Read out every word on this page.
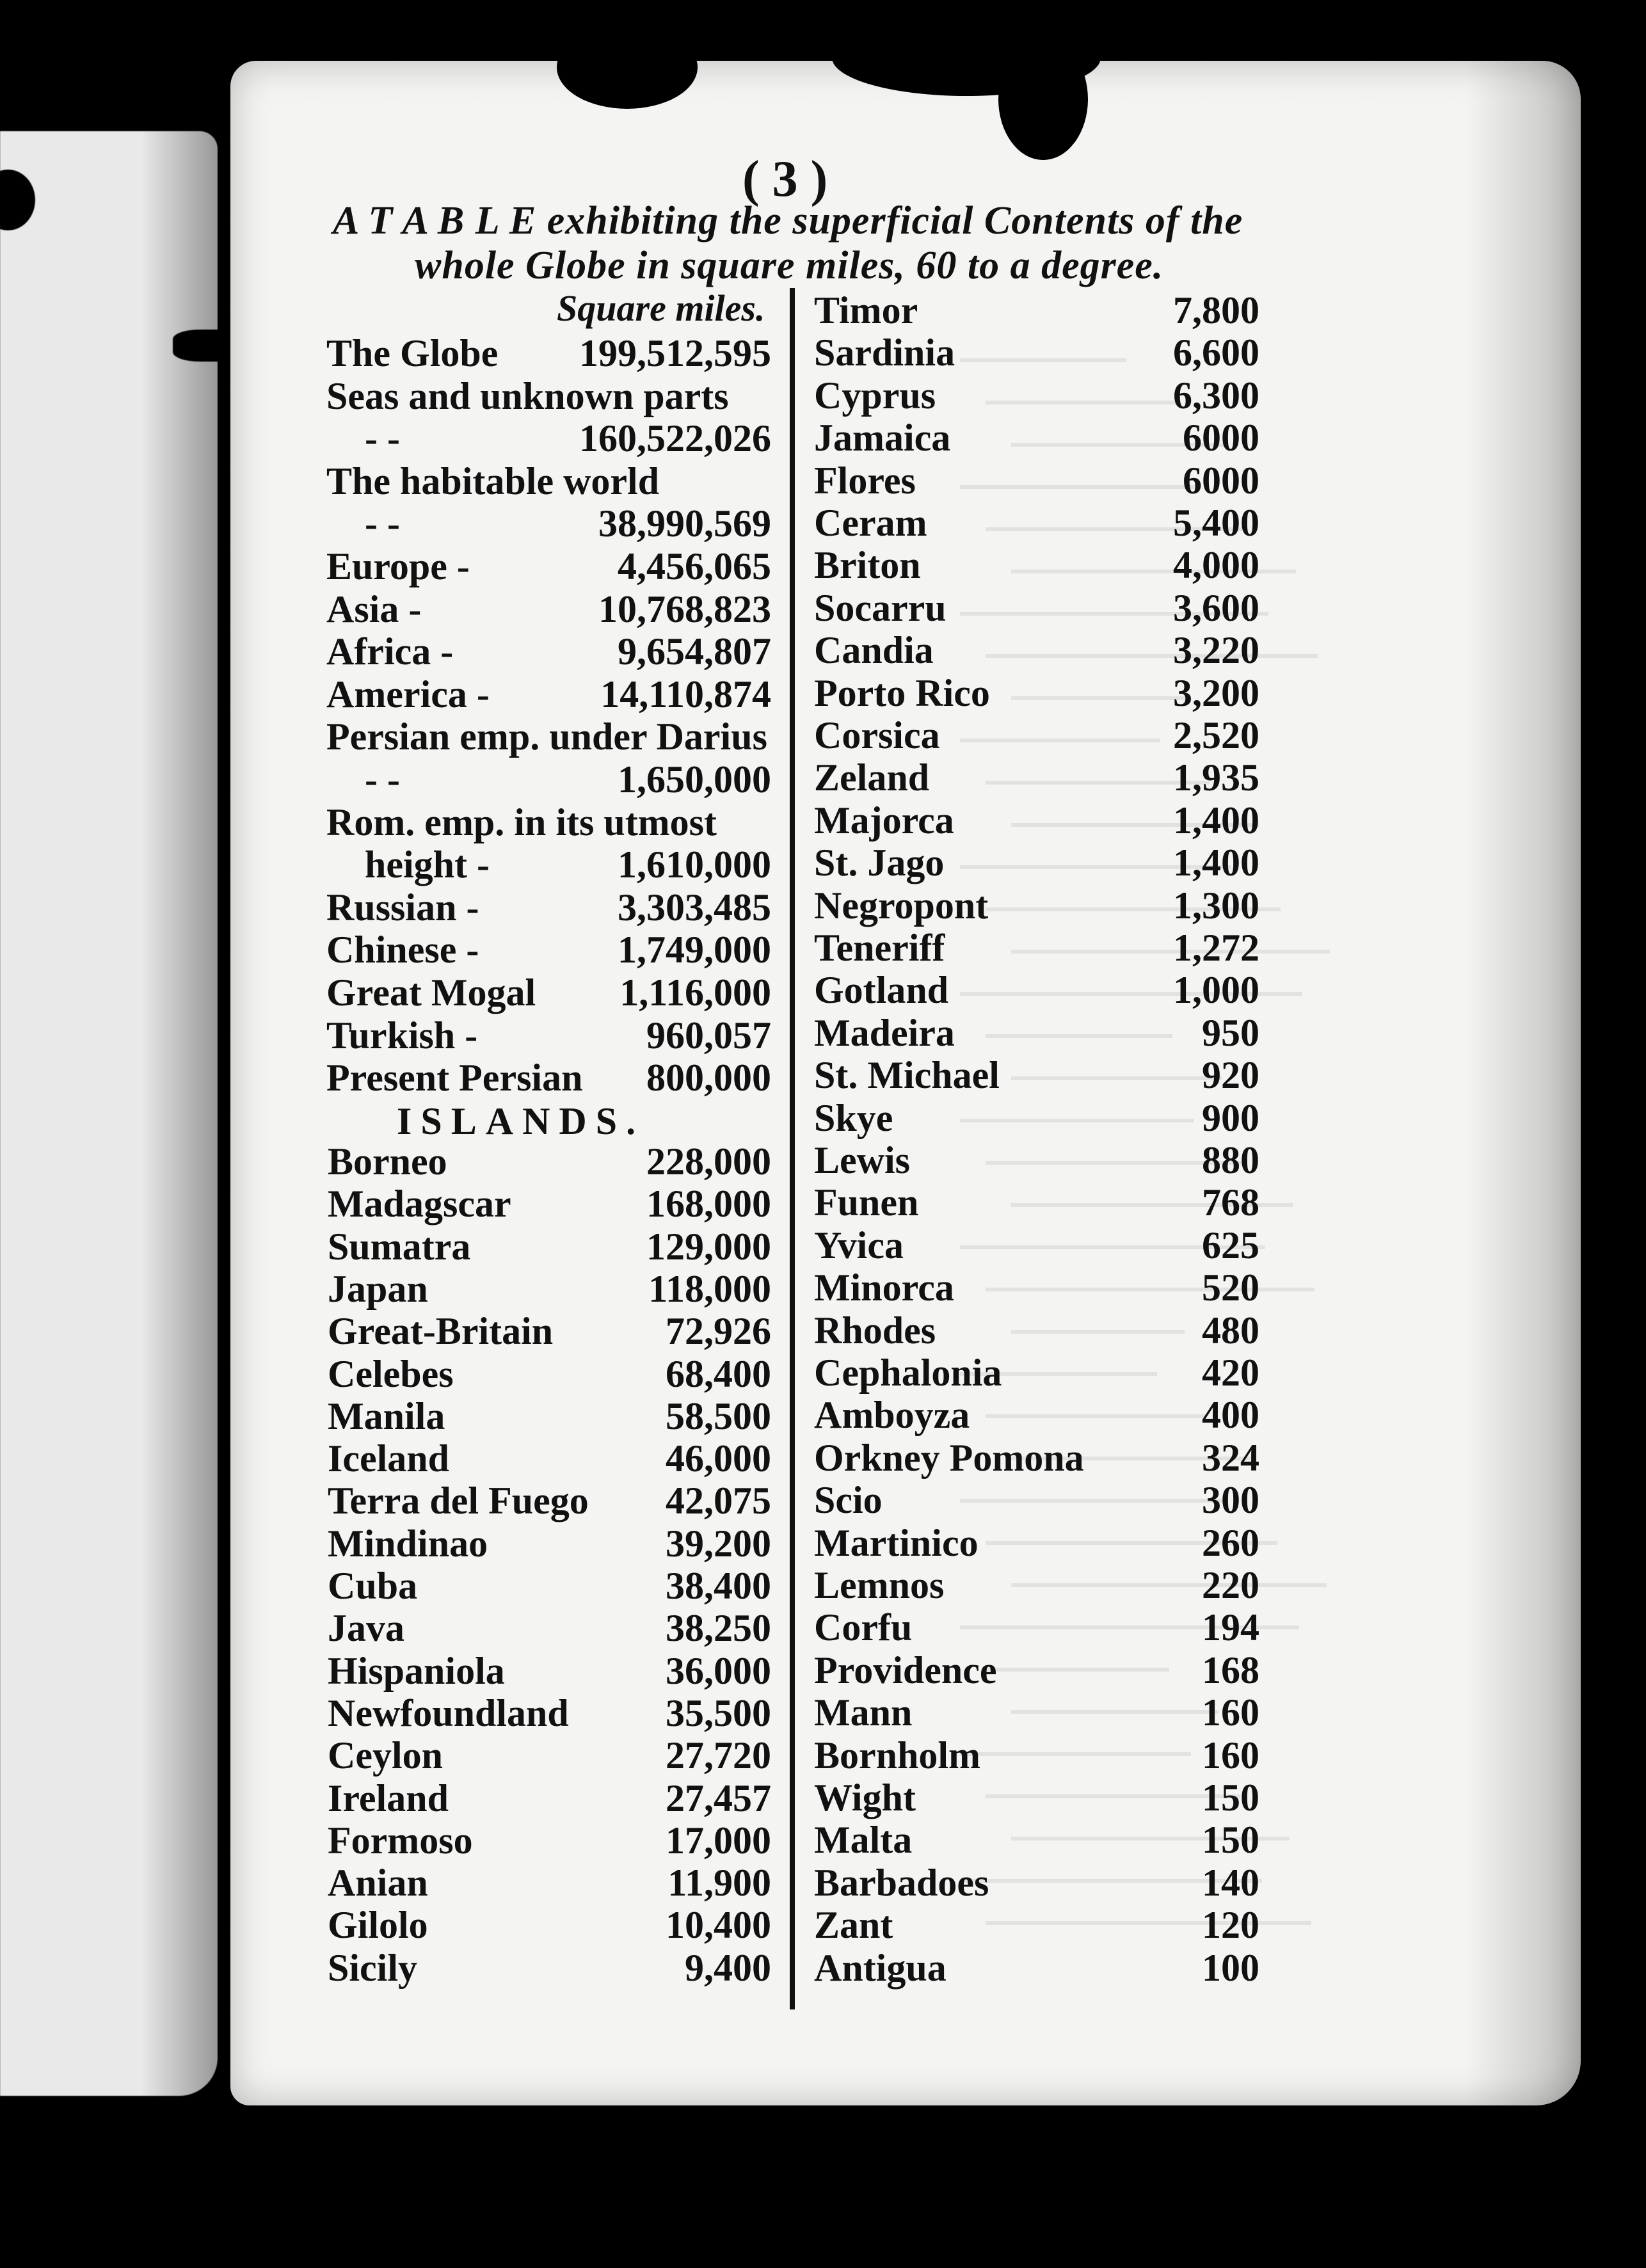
( 3 )
A T A B L E exhibiting the superficial Contents of the
whole Globe in square miles, 60 to a degree.
Square miles.
The Globe	199,512,595
Seas and unknown parts
- -	160,522,026
The habitable world
- -	38,990,569
Europe -	4,456,065
Asia -	10,768,823
Africa -	9,654,807
America -	14,110,874
Persian emp. under Darius
- -	1,650,000
Rom. emp. in its utmost
height -	1,610,000
Russian -	3,303,485
Chinese -	1,749,000
Great Mogal	1,116,000
Turkish -	960,057
Present Persian	800,000
Borneo	228,000
Madagscar	168,000
Sumatra	129,000
Japan	118,000
Great-Britain	72,926
Celebes	68,400
Manila	58,500
Iceland	46,000
Terra del Fuego	42,075
Mindinao	39,200
Cuba	38,400
Java	38,250
Hispaniola	36,000
Newfoundland	35,500
Ceylon	27,720
Ireland	27,457
Formoso	17,000
Anian	11,900
Gilolo	10,400
Sicily	9,400
Timor	7,800
Sardinia	6,600
Cyprus	6,300
Jamaica	6000
Flores	6000
Ceram	5,400
Briton	4,000
Socarru	3,600
Candia	3,220
Porto Rico	3,200
Corsica	2,520
Zeland	1,935
Majorca	1,400
St. Jago	1,400
Negropont	1,300
Teneriff	1,272
Gotland	1,000
Madeira	950
St. Michael	920
Skye	900
Lewis	880
Funen	768
Yvica	625
Minorca	520
Rhodes	480
Cephalonia	420
Amboyza	400
Orkney Pomona	324
Scio	300
Martinico	260
Lemnos	220
Corfu	194
Providence	168
Mann	160
Bornholm	160
Wight	150
Malta	150
Barbadoes	140
Zant	120
Antigua	100
ISLANDS.
